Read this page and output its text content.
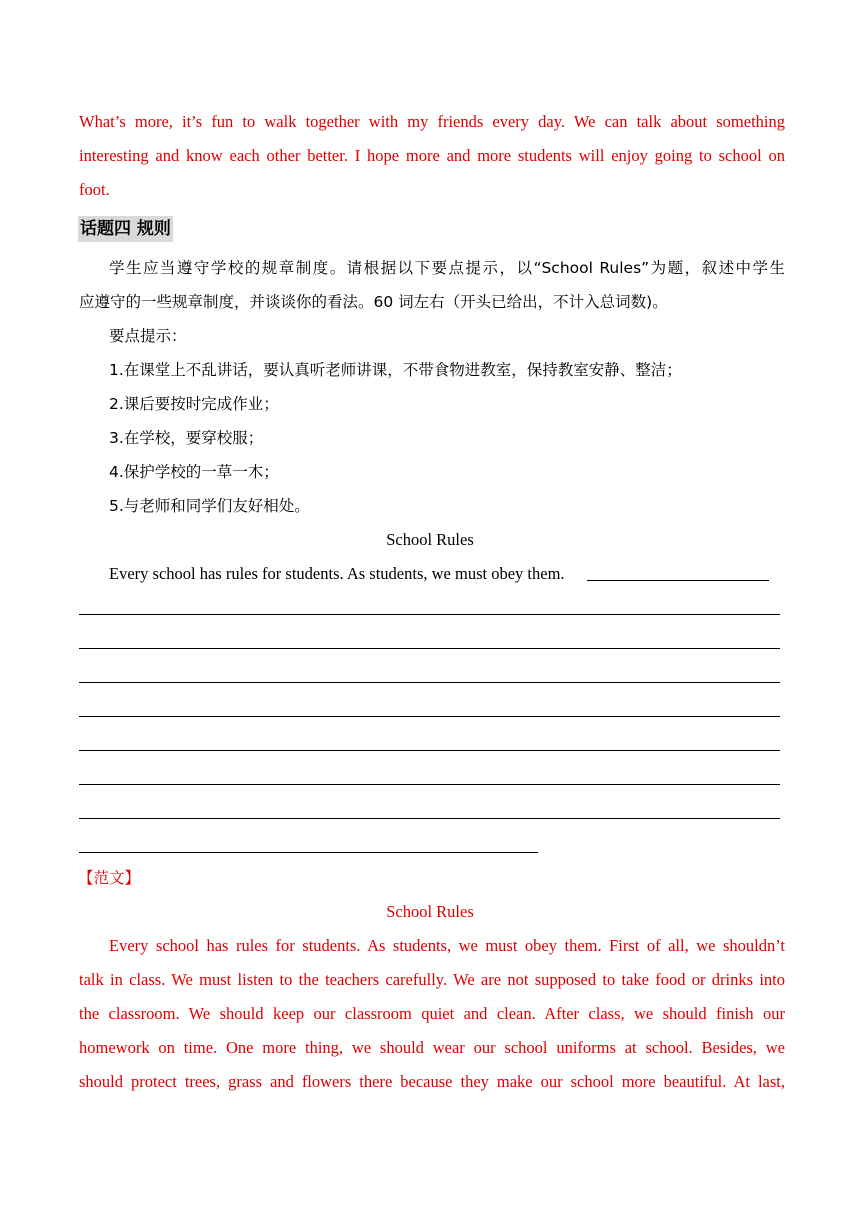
What’s more, it’s fun to walk together with my friends every day. We can talk about something
interesting and know each other better. I hope more and more students will enjoy going to school on
foot.
话题四 规则
学生应当遵守学校的规章制度。请根据以下要点提示，以“School Rules”为题，叙述中学生
应遵守的一些规章制度，并谈谈你的看法。60 词左右（开头已给出，不计入总词数)。
要点提示：
1.在课堂上不乱讲话，要认真听老师讲课，不带食物进教室，保持教室安静、整洁；
2.课后要按时完成作业；
3.在学校，要穿校服；
4.保护学校的一草一木；
5.与老师和同学们友好相处。
School Rules
Every school has rules for students. As students, we must obey them.
【范文】
School Rules
Every school has rules for students. As students, we must obey them. First of all, we shouldn’t
talk in class. We must listen to the teachers carefully. We are not supposed to take food or drinks into
the classroom. We should keep our classroom quiet and clean. After class, we should finish our
homework on time. One more thing, we should wear our school uniforms at school. Besides, we
should protect trees, grass and flowers there because they make our school more beautiful. At last,
